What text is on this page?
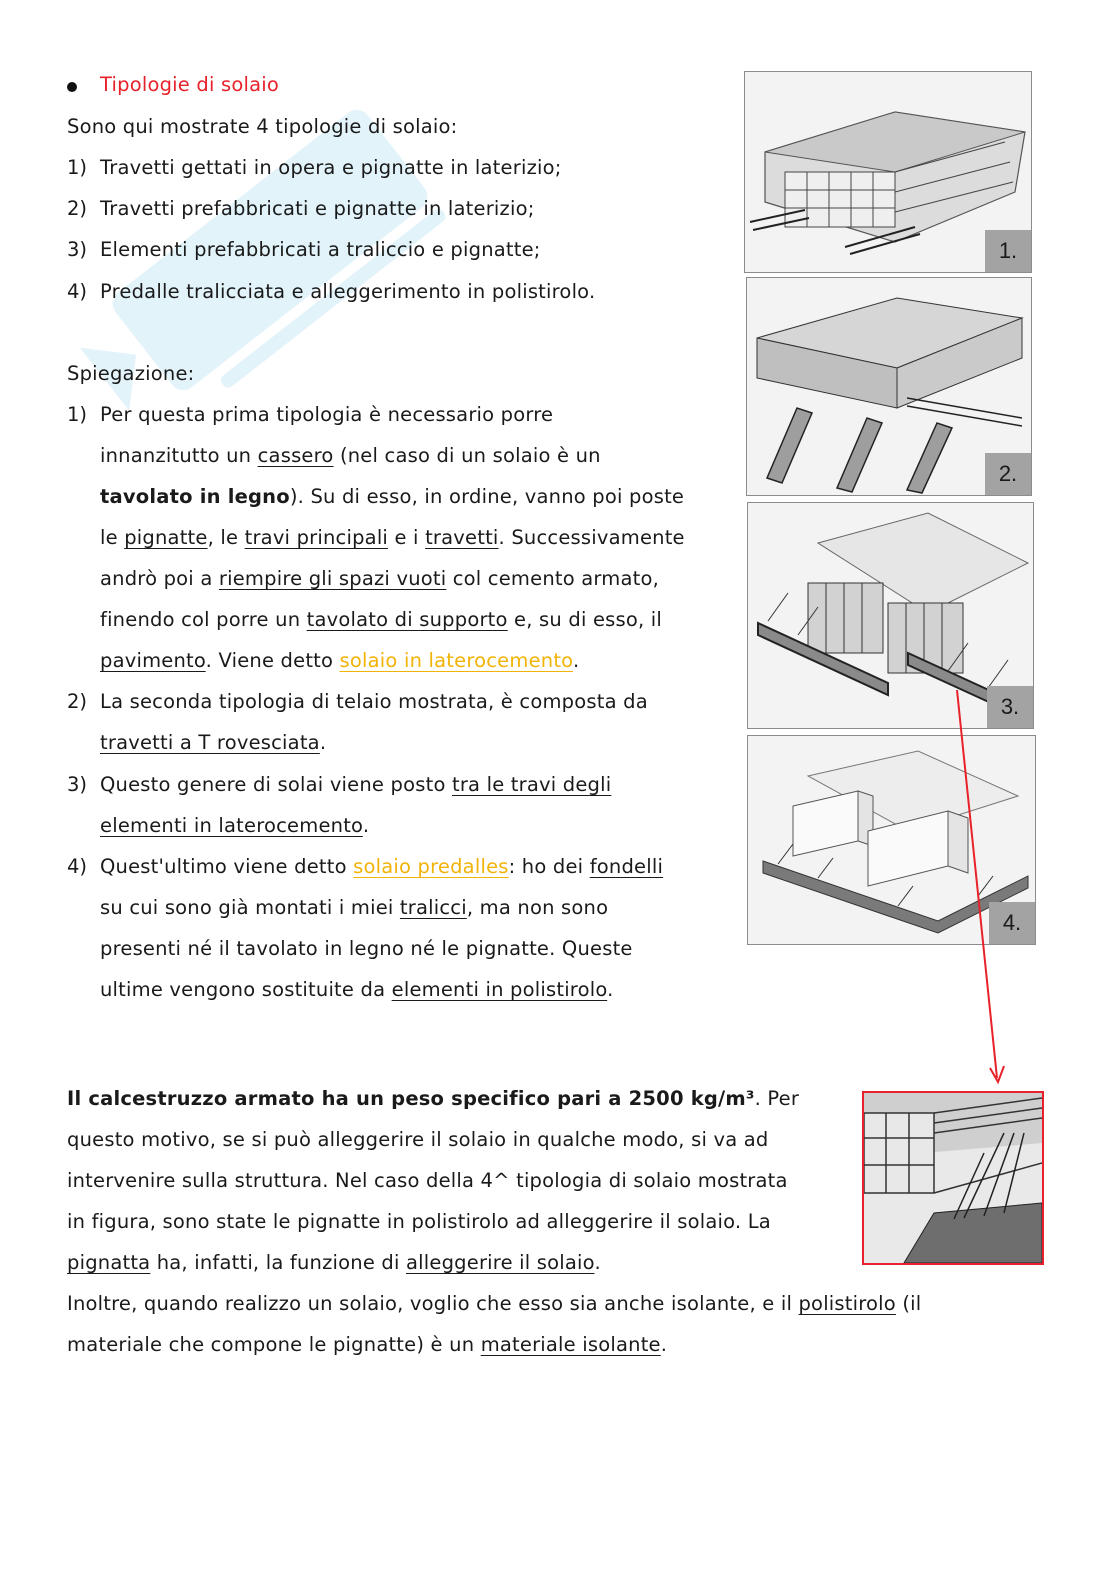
Tipologie di solaio
Sono qui mostrate 4 tipologie di solaio:
1) Travetti gettati in opera e pignatte in laterizio;
2) Travetti prefabbricati e pignatte in laterizio;
3) Elementi prefabbricati a traliccio e pignatte;
4) Predalle tralicciata e alleggerimento in polistirolo.
Spiegazione:
1) Per questa prima tipologia è necessario porre
innanzitutto un cassero (nel caso di un solaio è un
tavolato in legno). Su di esso, in ordine, vanno poi poste
le pignatte, le travi principali e i travetti. Successivamente
andrò poi a riempire gli spazi vuoti col cemento armato,
finendo col porre un tavolato di supporto e, su di esso, il
pavimento. Viene detto solaio in laterocemento.
2) La seconda tipologia di telaio mostrata, è composta da
travetti a T rovesciata.
3) Questo genere di solai viene posto tra le travi degli
elementi in laterocemento.
4) Quest'ultimo viene detto solaio predalles: ho dei fondelli
su cui sono già montati i miei tralicci, ma non sono
presenti né il tavolato in legno né le pignatte. Queste
ultime vengono sostituite da elementi in polistirolo.
Il calcestruzzo armato ha un peso specifico pari a 2500 kg/m³. Per
questo motivo, se si può alleggerire il solaio in qualche modo, si va ad
intervenire sulla struttura. Nel caso della 4^ tipologia di solaio mostrata
in figura, sono state le pignatte in polistirolo ad alleggerire il solaio. La
pignatta ha, infatti, la funzione di alleggerire il solaio.
Inoltre, quando realizzo un solaio, voglio che esso sia anche isolante, e il polistirolo (il
materiale che compone le pignatte) è un materiale isolante.
1.
2.
3.
4.
